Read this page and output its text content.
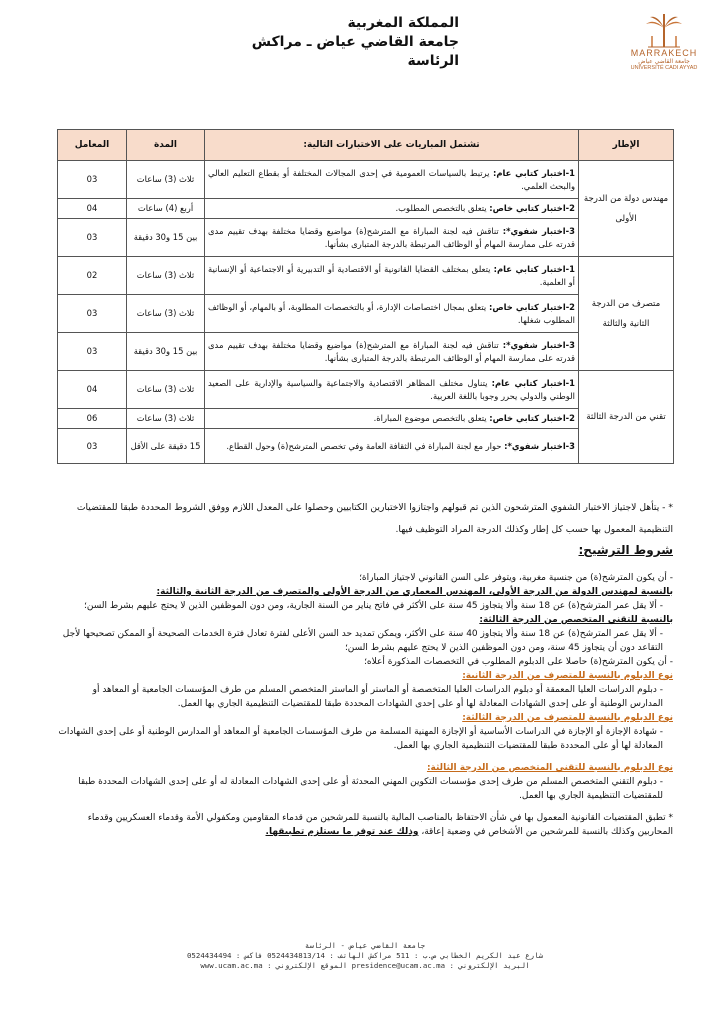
المملكة المغربية
جامعة القاضي عياض ـ مراكش
الرئاسة	MARRAKECH
جامعة القاضي عياض
UNIVERSITÉ CADI AYYAD
الإطار	تشتمل المباريات على الاختبارات التالية:	المدة	المعامل
مهندس دولة من الدرجة الأولى	1-اختبار كتابي عام: يرتبط بالسياسات العمومية في إحدى المجالات المختلفة أو بقطاع التعليم العالي والبحث العلمي.	ثلاث (3) ساعات	03
	2-اختبار كتابي خاص: يتعلق بالتخصص المطلوب.	أربع (4) ساعات	04
	3-اختبار شفوي*: تناقش فيه لجنة المباراة مع المترشح(ة) مواضيع وقضايا مختلفة بهدف تقييم مدى قدرته على ممارسة المهام أو الوظائف المرتبطة بالدرجة المتبارى بشأنها.	بين 15 و30 دقيقة	03
متصرف من الدرجة الثانية والثالثة	1-اختبار كتابي عام: يتعلق بمختلف القضايا القانونية أو الاقتصادية أو التدبيرية أو الاجتماعية أو الإنسانية أو العلمية.	ثلاث (3) ساعات	02
	2-اختبار كتابي خاص: يتعلق بمجال اختصاصات الإدارة، أو بالتخصصات المطلوبة، أو بالمهام، أو الوظائف المطلوب شغلها.	ثلاث (3) ساعات	03
	3-اختبار شفوي*: تناقش فيه لجنة المباراة مع المترشح(ة) مواضيع وقضايا مختلفة بهدف تقييم مدى قدرته على ممارسة المهام أو الوظائف المرتبطة بالدرجة المتبارى بشأنها.	بين 15 و30 دقيقة	03
تقني من الدرجة الثالثة	1-اختبار كتابي عام: يتناول مختلف المظاهر الاقتصادية والاجتماعية والسياسية والإدارية على الصعيد الوطني والدولي يحرر وجوبا باللغة العربية.	ثلاث (3) ساعات	04
	2-اختبار كتابي خاص: يتعلق بالتخصص موضوع المباراة.	ثلاث (3) ساعات	06
	3-اختبار شفوي*: حوار مع لجنة المباراة في الثقافة العامة وفي تخصص المترشح(ة) وحول القطاع.	15 دقيقة على الأقل	03
* - يتأهل لاجتياز الاختبار الشفوي المترشحون الذين تم قبولهم واجتازوا الاختبارين الكتابيين وحصلوا على المعدل اللازم ووفق الشروط المحددة طبقا للمقتضيات التنظيمية المعمول بها حسب كل إطار وكذلك الدرجة المراد التوظيف فيها.
شروط الترشيح:

- أن يكون المترشح(ة) من جنسية مغربية، ويتوفر على السن القانوني لاجتياز المباراة؛

بالنسبة لمهندس الدولة من الدرجة الأولى، المهندس المعماري من الدرجة الأولى والمتصرف من الدرجة الثانية والثالثة:

- ألا يقل عمر المترشح(ة) عن 18 سنة وألا يتجاوز 45 سنة على الأكثر في فاتح يناير من السنة الجارية، ومن دون الموظفين الذين لا يحتج عليهم بشرط السن؛

بالنسبة للتقني المتخصص من الدرجة الثالثة:

- ألا يقل عمر المترشح(ة) عن 18 سنة وألا يتجاوز 40 سنة على الأكثر، ويمكن تمديد حد السن الأعلى لفترة تعادل فترة الخدمات الصحيحة أو الممكن تصحيحها لأجل التقاعد دون أن يتجاوز 45 سنة، ومن دون الموظفين الذين لا يحتج عليهم بشرط السن؛

- أن يكون المترشح(ة) حاصلا على الدبلوم المطلوب في التخصصات المذكورة أعلاه؛

نوع الدبلوم بالنسبة للمتصرف من الدرجة الثانية:

- دبلوم الدراسات العليا المعمقة أو دبلوم الدراسات العليا المتخصصة أو الماستر أو الماستر المتخصص المسلم من طرف المؤسسات الجامعية أو المعاهد أو المدارس الوطنية أو على إحدى الشهادات المعادلة لها أو على إحدى الشهادات المحددة طبقا للمقتضيات التنظيمية الجاري بها العمل.

نوع الدبلوم بالنسبة للمتصرف من الدرجة الثالثة:

- شهادة الإجازة أو الإجازة في الدراسات الأساسية أو الإجازة المهنية المسلمة من طرف المؤسسات الجامعية أو المعاهد أو المدارس الوطنية أو على إحدى الشهادات المعادلة لها أو على المحددة طبقا للمقتضيات التنظيمية الجاري بها العمل.

نوع الدبلوم بالنسبة للتقني المتخصص من الدرجة الثالثة:

- دبلوم التقني المتخصص المسلم من طرف إحدى مؤسسات التكوين المهني المحدثة أو على إحدى الشهادات المعادلة له أو على إحدى الشهادات المحددة طبقا للمقتضيات التنظيمية الجاري بها العمل.

* تطبق المقتضيات القانونية المعمول بها في شأن الاحتفاظ بالمناصب المالية بالنسبة للمرشحين من قدماء المقاومين ومكفولي الأمة وقدماء العسكريين وقدماء المحاربين وكذلك بالنسبة للمرشحين من الأشخاص في وضعية إعاقة، وذلك عند توفر ما يستلزم تطبيقها.

جامعة القاضي عياض - الرئاسة
شارع عبد الكريم الخطابي ص.ب : 511 مراكش الهاتف : 0524434813/14 فاكس : 0524434494
البريد الإلكتروني : presidence@ucam.ac.ma الموقع الإلكتروني : www.ucam.ac.ma
